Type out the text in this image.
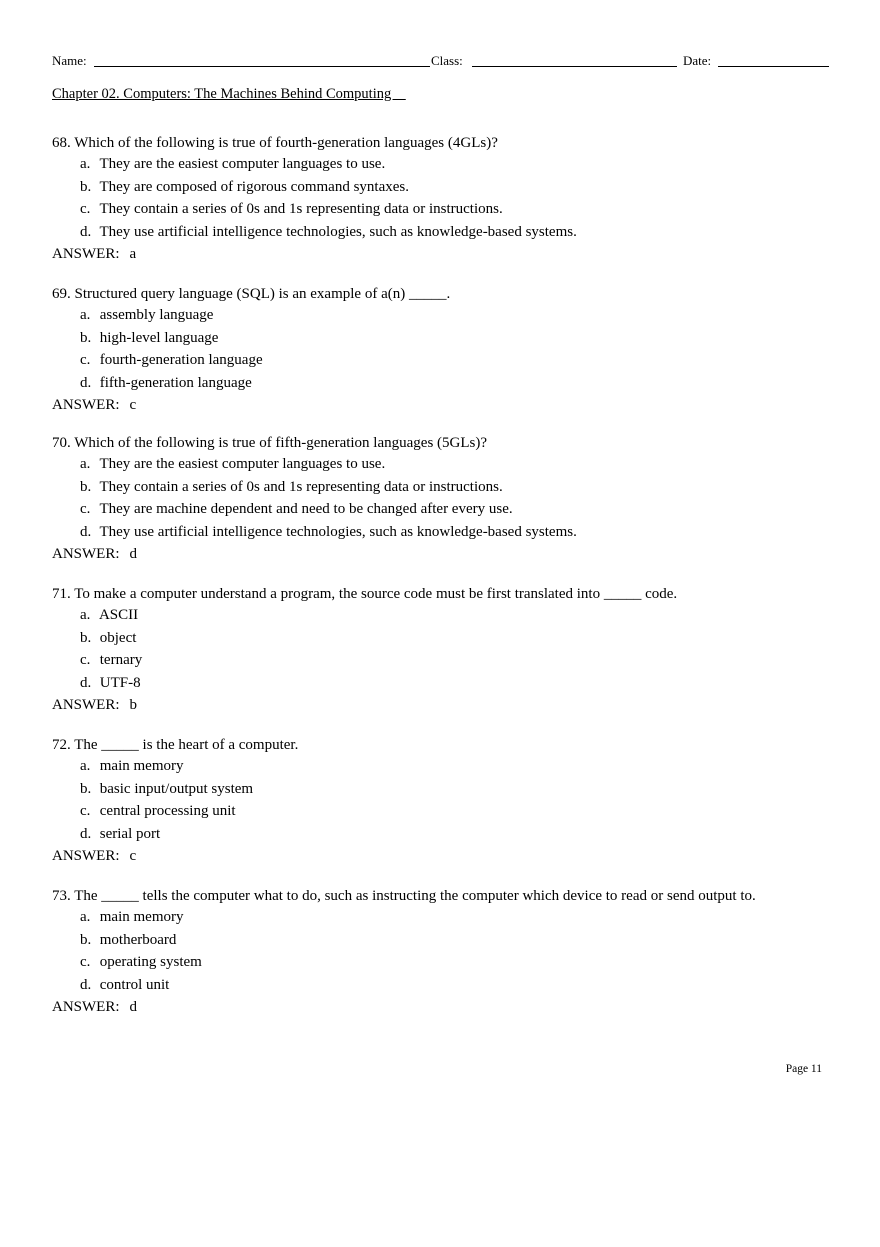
Name:	Class:	Date:
Chapter 02. Computers: The Machines Behind Computing

68. Which of the following is true of fourth-generation languages (4GLs)?

a. They are the easiest computer languages to use.

b. They are composed of rigorous command syntaxes.

c. They contain a series of 0s and 1s representing data or instructions.

d. They use artificial intelligence technologies, such as knowledge-based systems.

ANSWER: a

69. Structured query language (SQL) is an example of a(n) _____.

a. assembly language

b. high-level language

c. fourth-generation language

d. fifth-generation language

ANSWER: c

70. Which of the following is true of fifth-generation languages (5GLs)?

a. They are the easiest computer languages to use.

b. They contain a series of 0s and 1s representing data or instructions.

c. They are machine dependent and need to be changed after every use.

d. They use artificial intelligence technologies, such as knowledge-based systems.

ANSWER: d

71. To make a computer understand a program, the source code must be first translated into _____ code.

a. ASCII

b. object

c. ternary

d. UTF-8

ANSWER: b

72. The _____ is the heart of a computer.

a. main memory

b. basic input/output system

c. central processing unit

d. serial port

ANSWER: c

73. The _____ tells the computer what to do, such as instructing the computer which device to read or send output to.

a. main memory

b. motherboard

c. operating system

d. control unit

ANSWER: d

Page 11
